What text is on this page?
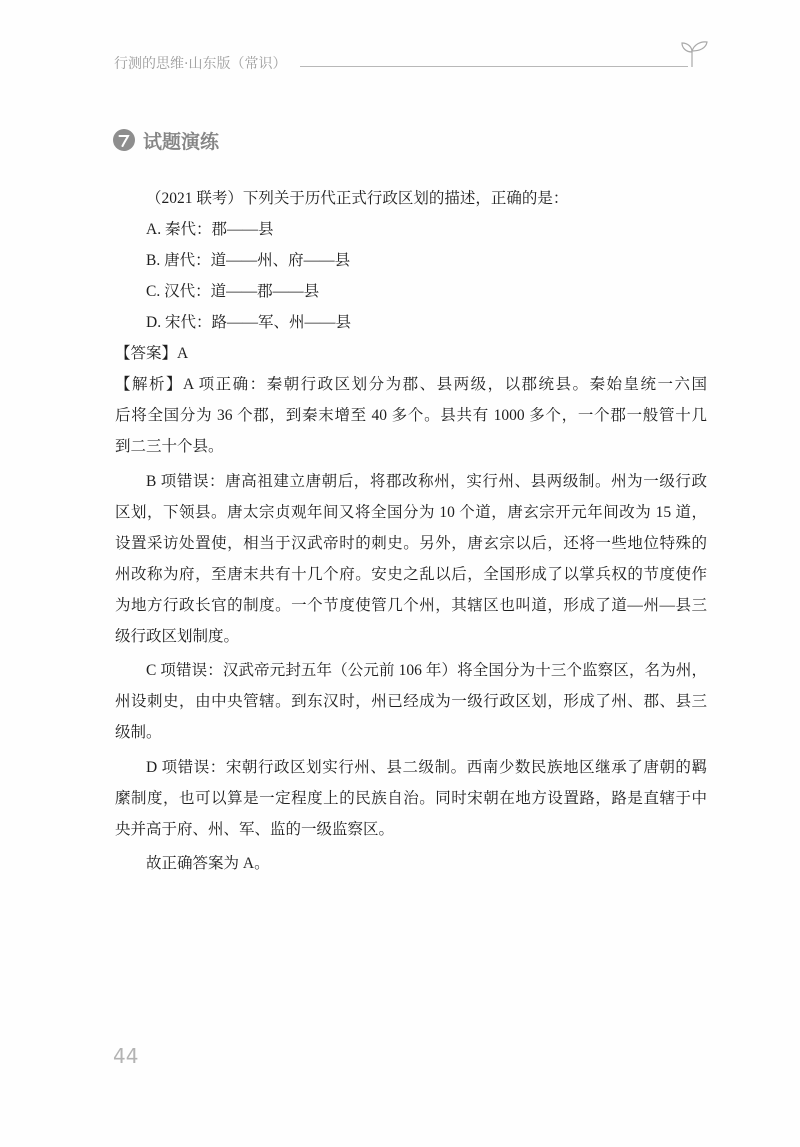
行测的思维·山东版（常识）
试题演练
（2021 联考）下列关于历代正式行政区划的描述，正确的是：
A. 秦代：郡——县
B. 唐代：道——州、府——县
C. 汉代：道——郡——县
D. 宋代：路——军、州——县
【答案】A
【解析】A 项正确：秦朝行政区划分为郡、县两级，以郡统县。秦始皇统一六国
后将全国分为 36 个郡，到秦末增至 40 多个。县共有 1000 多个，一个郡一般管十几
到二三十个县。
B 项错误：唐高祖建立唐朝后，将郡改称州，实行州、县两级制。州为一级行政
区划，下领县。唐太宗贞观年间又将全国分为 10 个道，唐玄宗开元年间改为 15 道，
设置采访处置使，相当于汉武帝时的刺史。另外，唐玄宗以后，还将一些地位特殊的
州改称为府，至唐末共有十几个府。安史之乱以后，全国形成了以掌兵权的节度使作
为地方行政长官的制度。一个节度使管几个州，其辖区也叫道，形成了道—州—县三
级行政区划制度。
C 项错误：汉武帝元封五年（公元前 106 年）将全国分为十三个监察区，名为州，
州设刺史，由中央管辖。到东汉时，州已经成为一级行政区划，形成了州、郡、县三
级制。
D 项错误：宋朝行政区划实行州、县二级制。西南少数民族地区继承了唐朝的羁
縻制度，也可以算是一定程度上的民族自治。同时宋朝在地方设置路，路是直辖于中
央并高于府、州、军、监的一级监察区。
故正确答案为 A。
44
